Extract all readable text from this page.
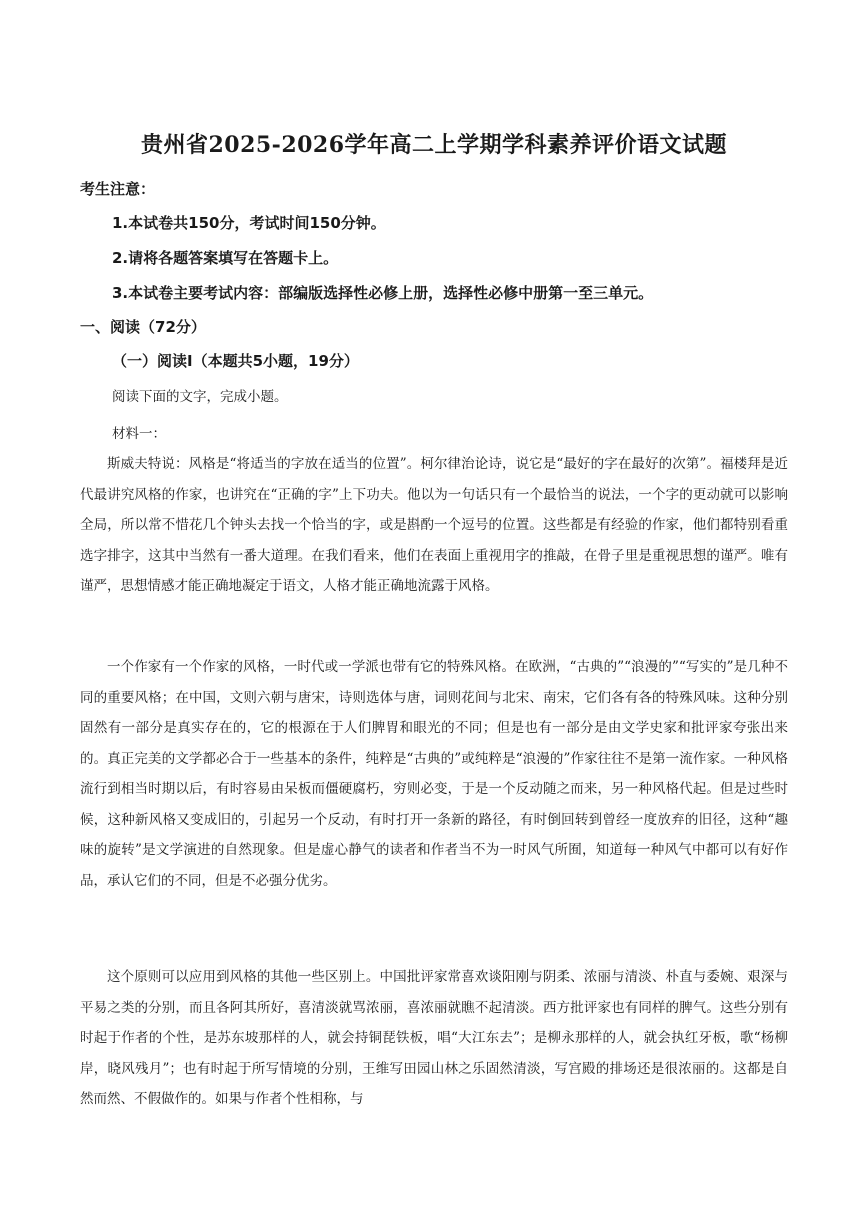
贵州省2025-2026学年高二上学期学科素养评价语文试题
考生注意：
1.本试卷共150分，考试时间150分钟。
2.请将各题答案填写在答题卡上。
3.本试卷主要考试内容：部编版选择性必修上册，选择性必修中册第一至三单元。
一、阅读（72分）
（一）阅读Ⅰ（本题共5小题，19分）
阅读下面的文字，完成小题。
材料一：

斯威夫特说：风格是“将适当的字放在适当的位置”。柯尔律治论诗，说它是“最好的字在最好的次第”。福楼拜是近代最讲究风格的作家，也讲究在“正确的字”上下功夫。他以为一句话只有一个最恰当的说法，一个字的更动就可以影响全局，所以常不惜花几个钟头去找一个恰当的字，或是斟酌一个逗号的位置。这些都是有经验的作家，他们都特别看重选字排字，这其中当然有一番大道理。在我们看来，他们在表面上重视用字的推敲，在骨子里是重视思想的谨严。唯有谨严，思想情感才能正确地凝定于语文，人格才能正确地流露于风格。

一个作家有一个作家的风格，一时代或一学派也带有它的特殊风格。在欧洲，“古典的”“浪漫的”“写实的”是几种不同的重要风格；在中国，文则六朝与唐宋，诗则选体与唐，词则花间与北宋、南宋，它们各有各的特殊风味。这种分别固然有一部分是真实存在的，它的根源在于人们脾胃和眼光的不同；但是也有一部分是由文学史家和批评家夸张出来的。真正完美的文学都必合于一些基本的条件，纯粹是“古典的”或纯粹是“浪漫的”作家往往不是第一流作家。一种风格流行到相当时期以后，有时容易由呆板而僵硬腐朽，穷则必变，于是一个反动随之而来，另一种风格代起。但是过些时候，这种新风格又变成旧的，引起另一个反动，有时打开一条新的路径，有时倒回转到曾经一度放弃的旧径，这种“趣味的旋转”是文学演进的自然现象。但是虚心静气的读者和作者当不为一时风气所囿，知道每一种风气中都可以有好作品，承认它们的不同，但是不必强分优劣。

这个原则可以应用到风格的其他一些区别上。中国批评家常喜欢谈阳刚与阴柔、浓丽与清淡、朴直与委婉、艰深与平易之类的分别，而且各阿其所好，喜清淡就骂浓丽，喜浓丽就瞧不起清淡。西方批评家也有同样的脾气。这些分别有时起于作者的个性，是苏东坡那样的人，就会持铜琵铁板，唱“大江东去”；是柳永那样的人，就会执红牙板，歌“杨柳岸，晓风残月”；也有时起于所写情境的分别，王维写田园山林之乐固然清淡，写宫殿的排场还是很浓丽的。这都是自然而然、不假做作的。如果与作者个性相称，与
